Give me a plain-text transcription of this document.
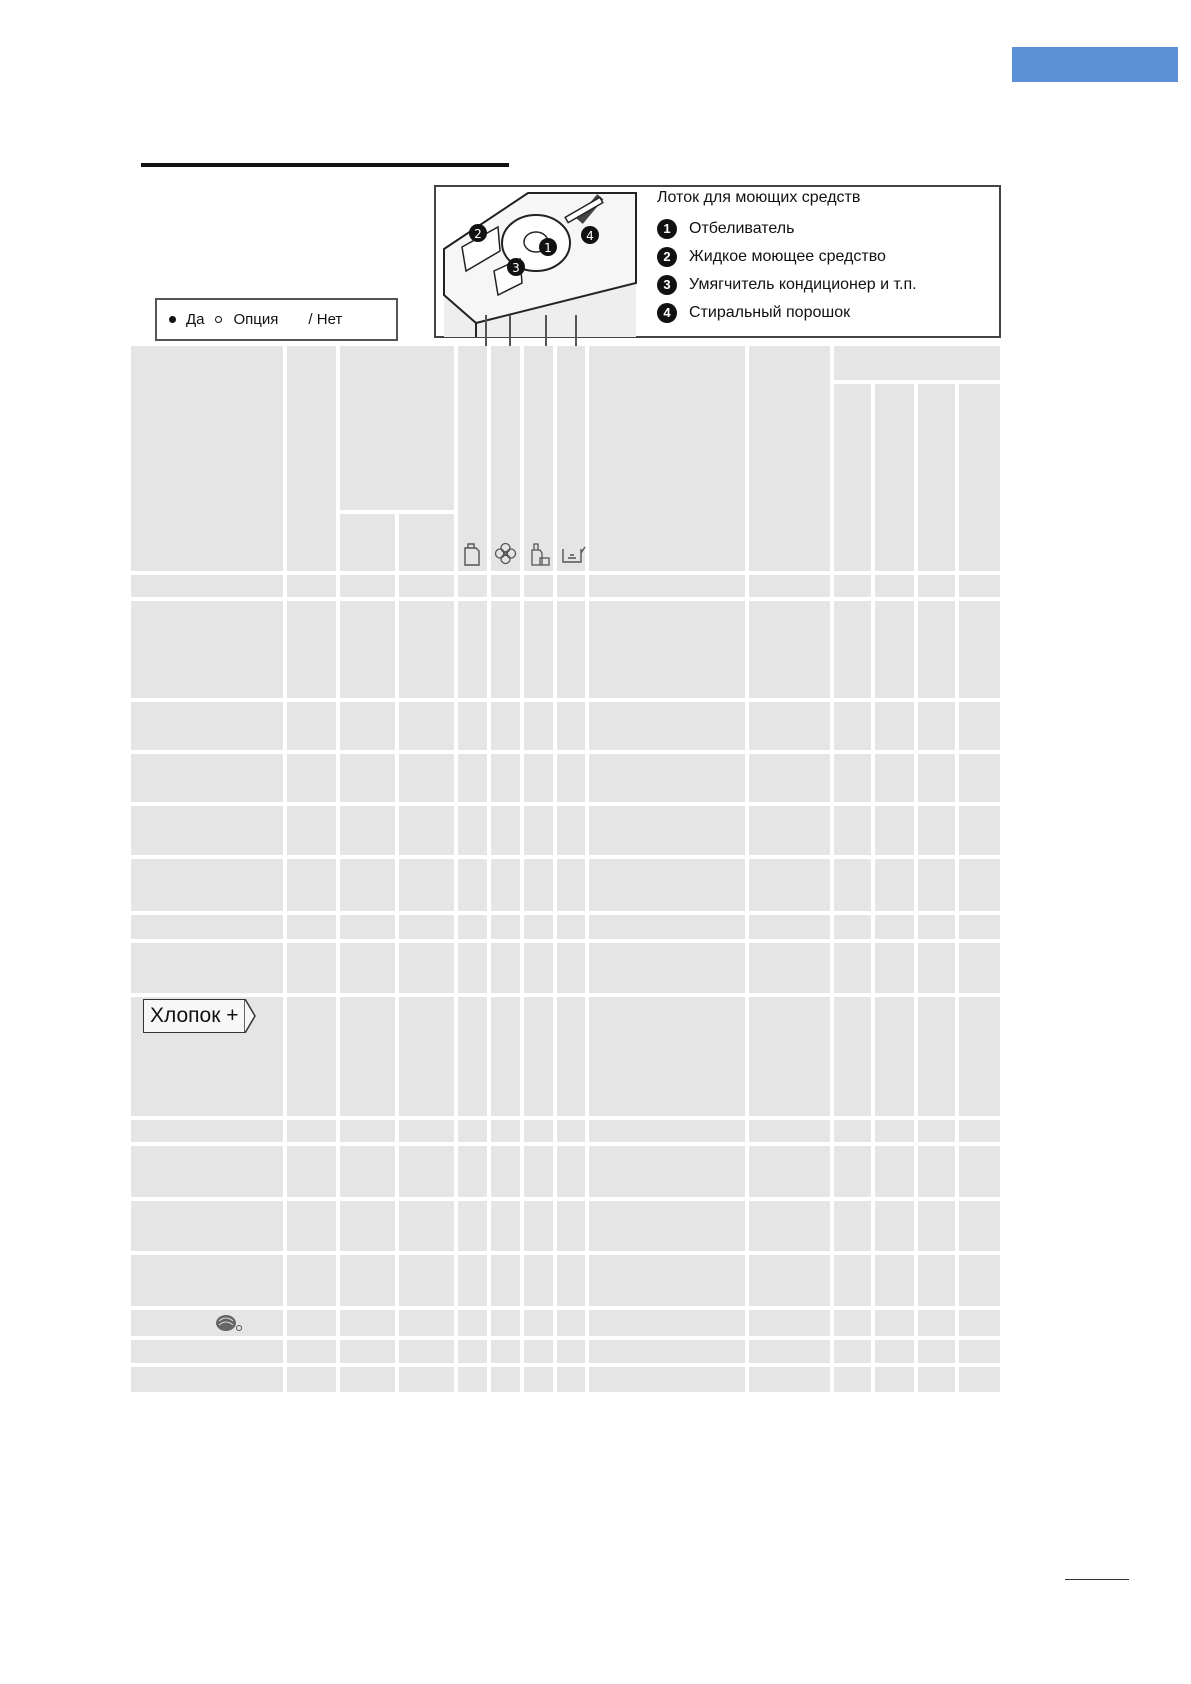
Да Опция / Нет
2
1
3
4
Лоток для моющих средств
1	Отбеливатель
2	Жидкое моющее средство
3	Умягчитель кондиционер и т.п.
4	Стиральный порошок
Хлопок +
